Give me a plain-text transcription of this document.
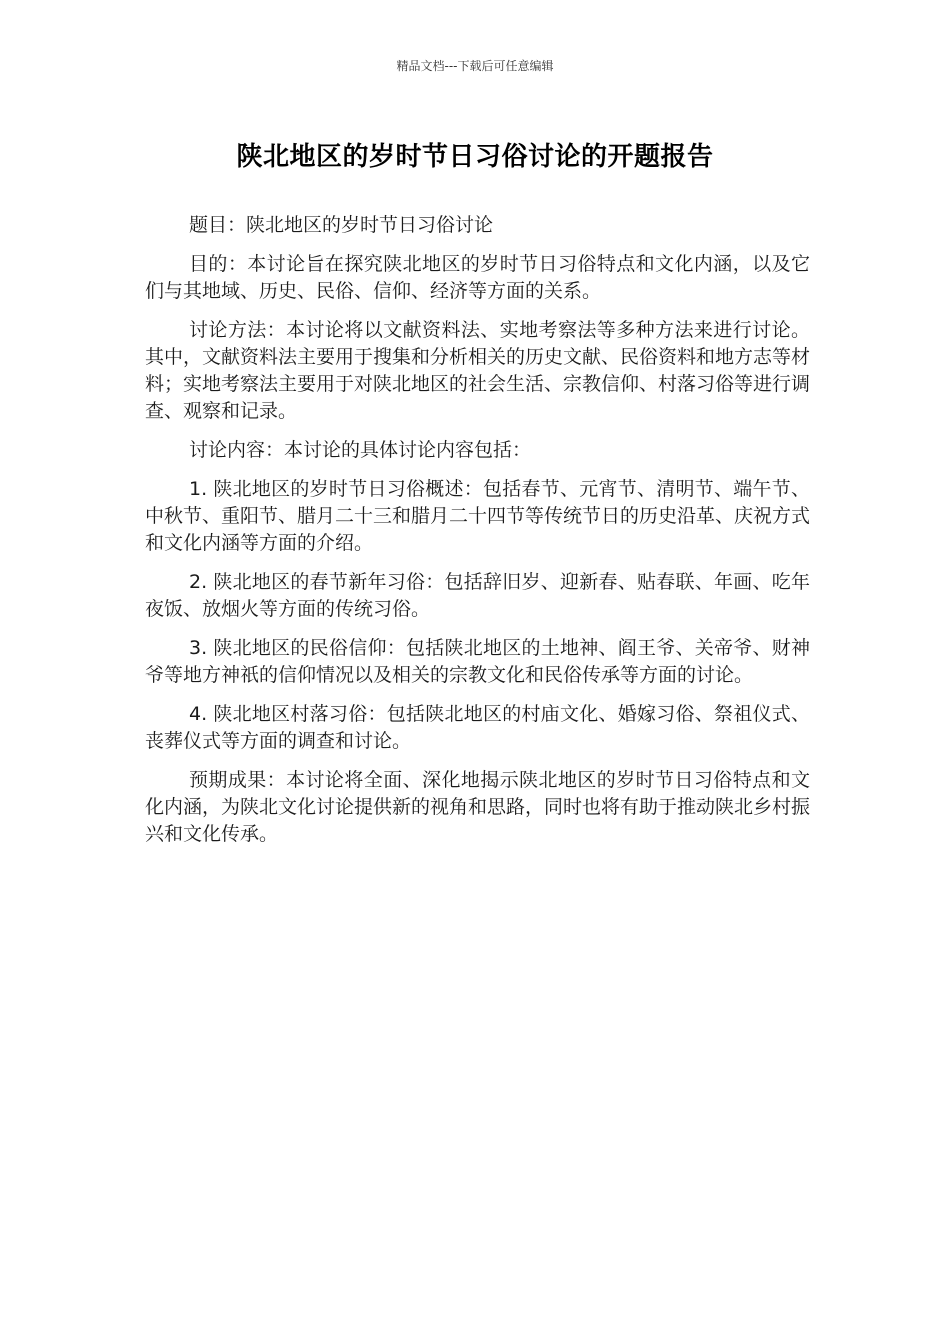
精品文档---下载后可任意编辑
陕北地区的岁时节日习俗讨论的开题报告

题目：陕北地区的岁时节日习俗讨论

目的：本讨论旨在探究陕北地区的岁时节日习俗特点和文化内涵，以及它们与其地域、历史、民俗、信仰、经济等方面的关系。

讨论方法：本讨论将以文献资料法、实地考察法等多种方法来进行讨论。其中，文献资料法主要用于搜集和分析相关的历史文献、民俗资料和地方志等材料；实地考察法主要用于对陕北地区的社会生活、宗教信仰、村落习俗等进行调查、观察和记录。

讨论内容：本讨论的具体讨论内容包括：

1. 陕北地区的岁时节日习俗概述：包括春节、元宵节、清明节、端午节、中秋节、重阳节、腊月二十三和腊月二十四节等传统节日的历史沿革、庆祝方式和文化内涵等方面的介绍。

2. 陕北地区的春节新年习俗：包括辞旧岁、迎新春、贴春联、年画、吃年夜饭、放烟火等方面的传统习俗。

3. 陕北地区的民俗信仰：包括陕北地区的土地神、阎王爷、关帝爷、财神爷等地方神祇的信仰情况以及相关的宗教文化和民俗传承等方面的讨论。

4. 陕北地区村落习俗：包括陕北地区的村庙文化、婚嫁习俗、祭祖仪式、丧葬仪式等方面的调查和讨论。

预期成果：本讨论将全面、深化地揭示陕北地区的岁时节日习俗特点和文化内涵，为陕北文化讨论提供新的视角和思路，同时也将有助于推动陕北乡村振兴和文化传承。
